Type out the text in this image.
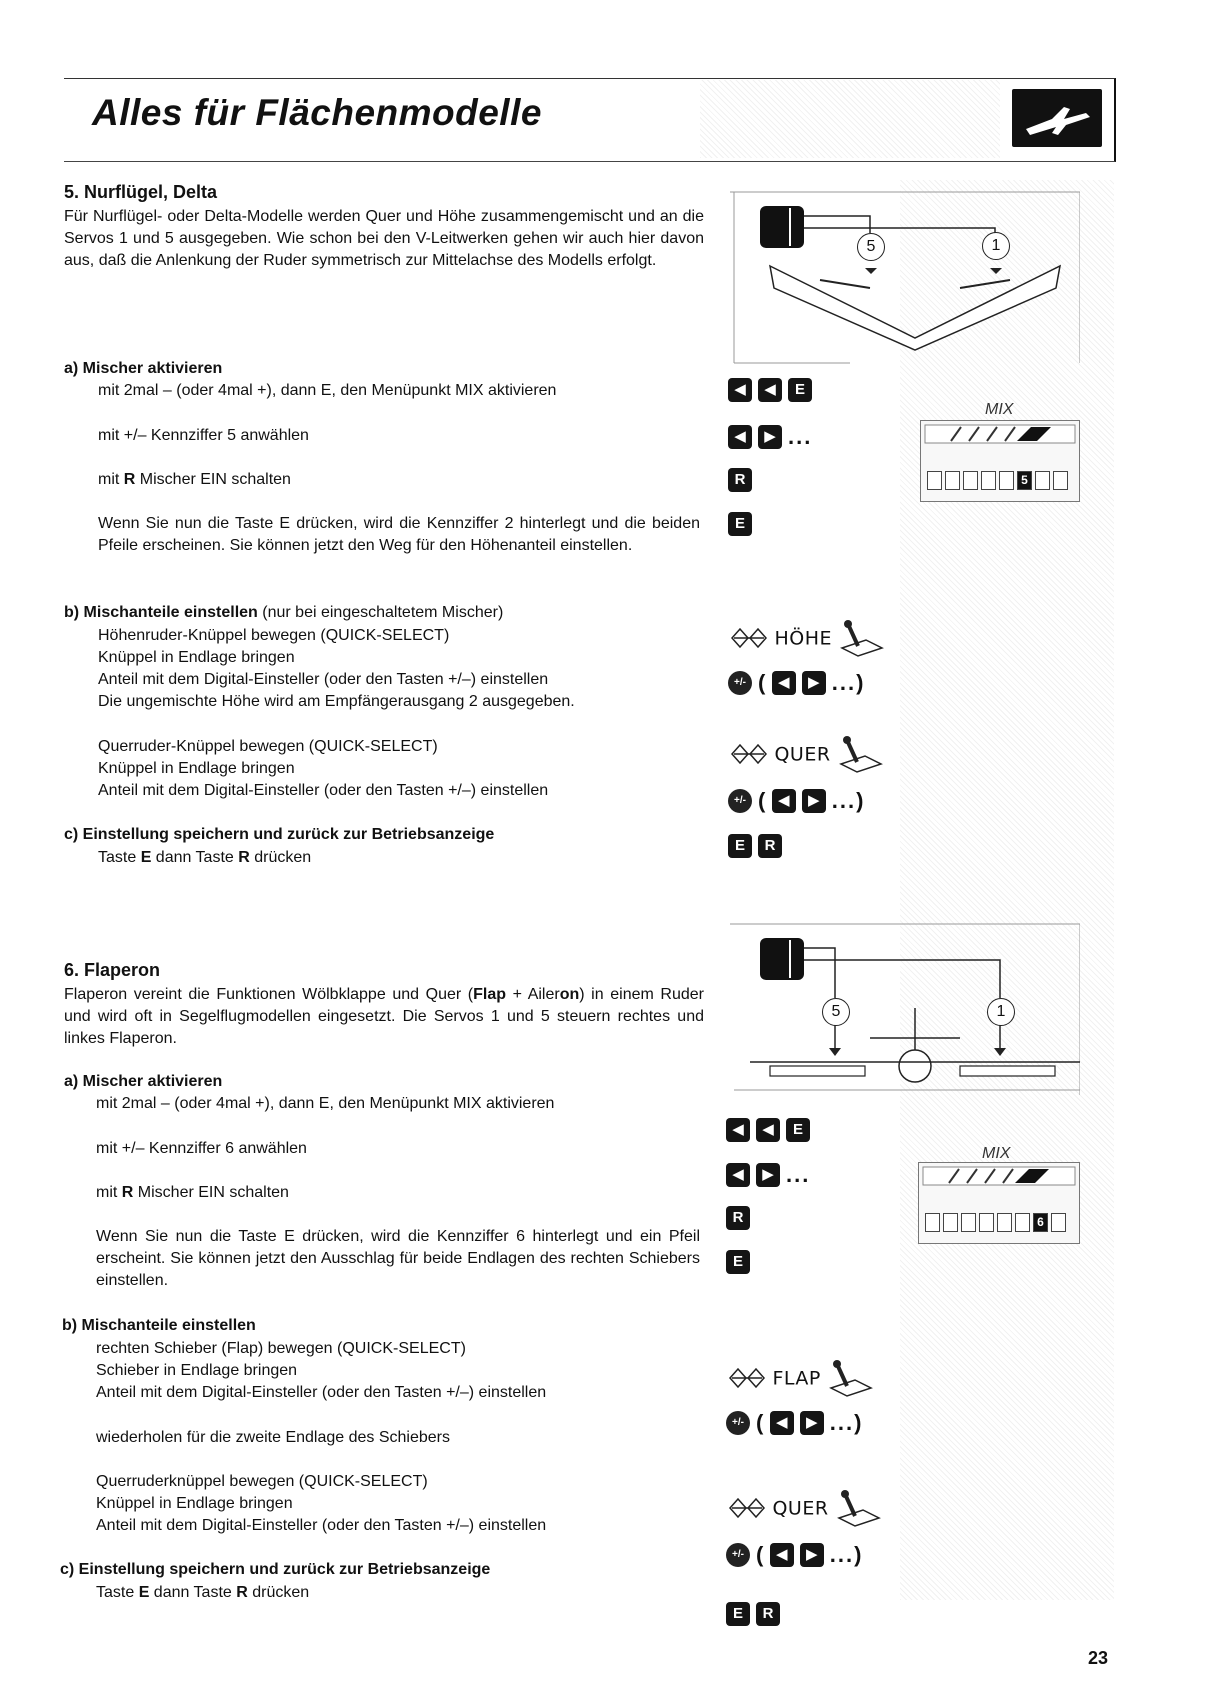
Alles für Flächenmodelle
5. Nurflügel, Delta
Für Nurflügel- oder Delta-Modelle werden Quer und Höhe zusammengemischt und an die Servos 1 und 5 ausgegeben. Wie schon bei den V-Leitwerken gehen wir auch hier davon aus, daß die Anlenkung der Ruder symmetrisch zur Mittelachse des Modells erfolgt.
5	1
a) Mischer aktivieren
mit 2mal – (oder 4mal +), dann E, den Menüpunkt MIX aktivieren
mit +/– Kennziffer 5 anwählen
mit R Mischer EIN schalten
Wenn Sie nun die Taste E drücken, wird die Kennziffer 2 hinterlegt und die beiden Pfeile erscheinen. Sie können jetzt den Weg für den Höhenanteil einstellen.
◀ ◀ E
◀ ▶ ...
R
E
MIX
5
b) Mischanteile einstellen (nur bei eingeschaltetem Mischer)
Höhenruder-Knüppel bewegen (QUICK-SELECT)
Knüppel in Endlage bringen
Anteil mit dem Digital-Einsteller (oder den Tasten +/–) einstellen
Die ungemischte Höhe wird am Empfängerausgang 2 ausgegeben.
Querruder-Knüppel bewegen (QUICK-SELECT)
Knüppel in Endlage bringen
Anteil mit dem Digital-Einsteller (oder den Tasten +/–) einstellen
HÖHE
+/- ( ◀ ▶ ...)
QUER
+/- ( ◀ ▶ ...)
c) Einstellung speichern und zurück zur Betriebsanzeige
Taste E dann Taste R drücken
E R
6. Flaperon
Flaperon vereint die Funktionen Wölbklappe und Quer (Flap + Aileron) in einem Ruder und wird oft in Segelflugmodellen eingesetzt. Die Servos 1 und 5 steuern rechtes und linkes Flaperon.
5	1
a) Mischer aktivieren
mit 2mal – (oder 4mal +), dann E, den Menüpunkt MIX aktivieren
mit +/– Kennziffer 6 anwählen
mit R Mischer EIN schalten
Wenn Sie nun die Taste E drücken, wird die Kennziffer 6 hinterlegt und ein Pfeil erscheint. Sie können jetzt den Ausschlag für beide Endlagen des rechten Schiebers einstellen.
◀ ◀ E
◀ ▶ ...
R
E
MIX
6
b) Mischanteile einstellen
rechten Schieber (Flap) bewegen (QUICK-SELECT)
Schieber in Endlage bringen
Anteil mit dem Digital-Einsteller (oder den Tasten +/–) einstellen
wiederholen für die zweite Endlage des Schiebers
Querruderknüppel bewegen (QUICK-SELECT)
Knüppel in Endlage bringen
Anteil mit dem Digital-Einsteller (oder den Tasten +/–) einstellen
FLAP
+/- ( ◀ ▶ ...)
QUER
+/- ( ◀ ▶ ...)
c) Einstellung speichern und zurück zur Betriebsanzeige
Taste E dann Taste R drücken
E R
23
